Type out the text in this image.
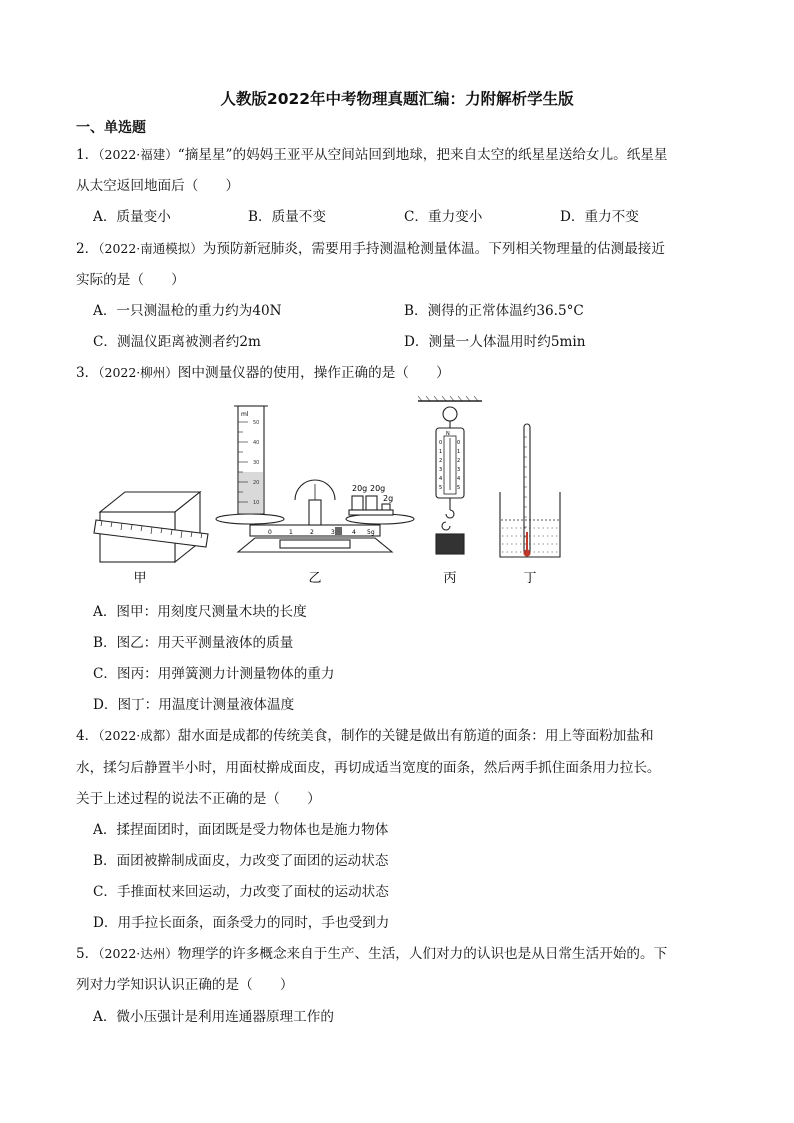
人教版2022年中考物理真题汇编：力附解析学生版
一、单选题
1．（2022·福建）“摘星星”的妈妈王亚平从空间站回到地球，把来自太空的纸星星送给女儿。纸星星
从太空返回地面后（　　）
A．质量变小	B．质量不变	C．重力变小	D．重力不变
2．（2022·南通模拟）为预防新冠肺炎，需要用手持测温枪测量体温。下列相关物理量的估测最接近
实际的是（　　）
A．一只测温枪的重力约为40N	B．测得的正常体温约36.5°C
C．测温仪距离被测者约2m	D．测量一人体温用时约5min
3．（2022·柳州）图中测量仪器的使用，操作正确的是（　　）
甲
ml
50
40
30
20
10
20g 20g
2g
0	1	2	3	4 5g
乙
N
0
1
2
3
4
5
0
1
2
3
4
5
丙	丁
A．图甲：用刻度尺测量木块的长度
B．图乙：用天平测量液体的质量
C．图丙：用弹簧测力计测量物体的重力
D．图丁：用温度计测量液体温度
4．（2022·成都）甜水面是成都的传统美食，制作的关键是做出有筋道的面条：用上等面粉加盐和
水，揉匀后静置半小时，用面杖擀成面皮，再切成适当宽度的面条，然后两手抓住面条用力拉长。
关于上述过程的说法不正确的是（　　）
A．揉捏面团时，面团既是受力物体也是施力物体
B．面团被擀制成面皮，力改变了面团的运动状态
C．手推面杖来回运动，力改变了面杖的运动状态
D．用手拉长面条，面条受力的同时，手也受到力
5．（2022·达州）物理学的许多概念来自于生产、生活，人们对力的认识也是从日常生活开始的。下
列对力学知识认识正确的是（　　）
A．微小压强计是利用连通器原理工作的
